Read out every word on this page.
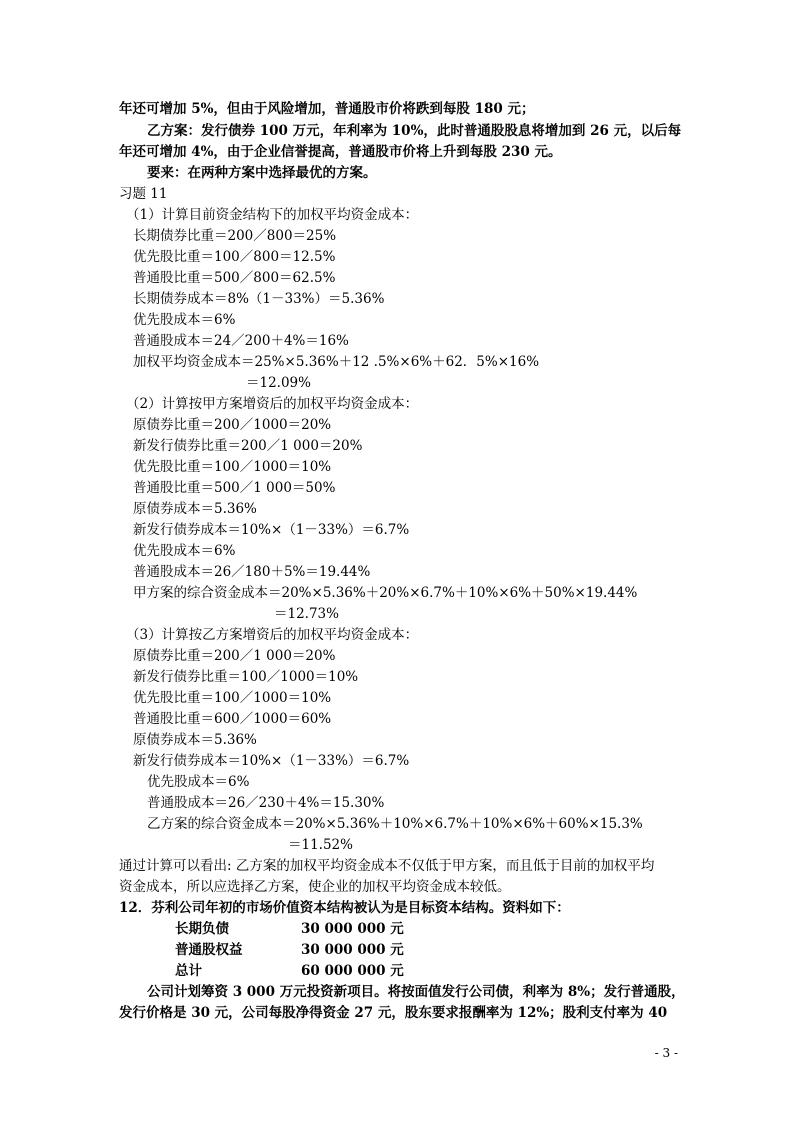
年还可增加 5%，但由于风险增加，普通股市价将跌到每股 180 元；
乙方案：发行债券 100 万元，年利率为 10%，此时普通股股息将增加到 26 元，以后每
年还可增加 4%，由于企业信誉提高，普通股市价将上升到每股 230 元。
要来：在两种方案中选择最优的方案。
习题 11
（1）计算目前资金结构下的加权平均资金成本：
长期债券比重＝200／800＝25%
优先股比重＝100／800＝12.5%
普通股比重＝500／800＝62.5%
长期债券成本＝8%（1－33%）＝5.36%
优先股成本＝6%
普通股成本＝24／200＋4%＝16%
加权平均资金成本＝25%×5.36%＋12 .5%×6%＋62．5%×16%
＝12.09%
（2）计算按甲方案增资后的加权平均资金成本：
原债券比重＝200／1000＝20%
新发行债券比重＝200／1 000＝20%
优先股比重＝100／1000＝10%
普通股比重＝500／1 000＝50%
原债券成本＝5.36%
新发行债券成本＝10%×（1－33%）＝6.7%
优先股成本＝6%
普通股成本＝26／180＋5%＝19.44%
甲方案的综合资金成本＝20%×5.36%＋20%×6.7%＋10%×6%＋50%×19.44%
＝12.73%
（3）计算按乙方案增资后的加权平均资金成本：
原债券比重＝200／1 000＝20%
新发行债券比重＝100／1000＝10%
优先股比重＝100／1000＝10%
普通股比重＝600／1000＝60%
原债券成本＝5.36%
新发行债券成本＝10%×（1－33%）＝6.7%
优先股成本＝6%
普通股成本＝26／230＋4%＝15.30%
乙方案的综合资金成本＝20%×5.36%＋10%×6.7%＋10%×6%＋60%×15.3%
＝11.52%
通过计算可以看出: 乙方案的加权平均资金成本不仅低于甲方案，而且低于目前的加权平均
资金成本，所以应选择乙方案，使企业的加权平均资金成本较低。
12．芬利公司年初的市场价值资本结构被认为是目标资本结构。资料如下：
长期负债	30 000 000 元
普通股权益	30 000 000 元
总计	60 000 000 元
公司计划筹资 3 000 万元投资新项目。将按面值发行公司债，利率为 8%；发行普通股，
发行价格是 30 元，公司每股净得资金 27 元，股东要求报酬率为 12%；股利支付率为 40
- 3 -
